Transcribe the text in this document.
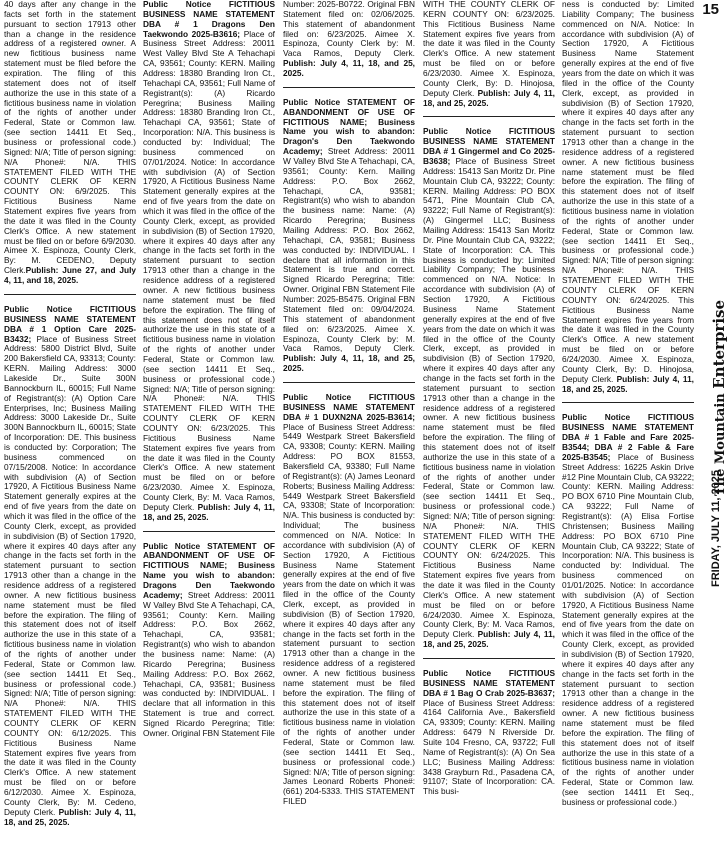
40 days after any change in the facts set forth in the statement pursuant to section 17913 other than a change in the residence address of a registered owner. A new fictitious business name statement must be filed before the expiration. The filing of this statement does not of itself authorize the use in this state of a fictitious business name in violation of the rights of another under Federal, State or Common law. (see section 14411 Et Seq., business or professional code.) Signed: N/A; Title of person signing: N/A Phone#: N/A. THIS STATEMENT FILED WITH THE COUNTY CLERK OF KERN COUNTY ON: 6/9/2025. This Fictitious Business Name Statement expires five years from the date it was filed in the County Clerk's Office. A new statement must be filed on or before 6/9/2030. Aimee X. Espinoza, County Clerk, By: M. CEDENO, Deputy Clerk.Publish: June 27, and July 4, 11, and 18, 2025.

Public Notice FICTITIOUS BUSINESS NAME STATEMENT DBA # 1 Option Care 2025-B3432; Place of Business Street Address: 5800 District Blvd, Suite 200 Bakersfield CA, 93313; County: KERN. Mailing Address: 3000 Lakeside Dr., Suite 300N Bannockburn IL, 60015; Full Name of Registrant(s): (A) Option Care Enterprises, Inc; Business Mailing Address: 3000 Lakeside Dr., Suite 300N Bannockburn IL, 60015; State of Incorporation: DE. This business is conducted by: Corporation; The business commenced on 07/15/2008. Notice: In accordance with subdivision (A) of Section 17920, A Fictitious Business Name Statement generally expires at the end of five years from the date on which it was filed in the office of the County Clerk, except, as provided in subdivision (B) of Section 17920, where it expires 40 days after any change in the facts set forth in the statement pursuant to section 17913 other than a change in the residence address of a registered owner. A new fictitious business name statement must be filed before the expiration. The filing of this statement does not of itself authorize the use in this state of a fictitious business name in violation of the rights of another under Federal, State or Common law. (see section 14411 Et Seq., business or professional code.) Signed: N/A; Title of person signing: N/A Phone#: N/A. THIS STATEMENT FILED WITH THE COUNTY CLERK OF KERN COUNTY ON: 6/12/2025. This Fictitious Business Name Statement expires five years from the date it was filed in the County Clerk's Office. A new statement must be filed on or before 6/12/2030. Aimee X. Espinoza, County Clerk, By: M. Cedeno, Deputy Clerk. Publish: July 4, 11, 18, and 25, 2025.

Public Notice FICTITIOUS BUSINESS NAME STATEMENT DBA # 1 Dragons Den Taekwondo 2025-B3616; Place of Business Street Address: 20011 West Valley Blvd Ste A Tehachapi CA, 93561; County: KERN. Mailing Address: 18380 Branding Iron Ct., Tehachapi CA, 93561; Full Name of Registrant(s): (A) Ricardo Peregrina; Business Mailing Address: 18380 Branding Iron Ct., Tehachapi CA, 93561; State of Incorporation: N/A. This business is conducted by: Individual; The business commenced on 07/01/2024. Notice: In accordance with subdivision (A) of Section 17920, A Fictitious Business Name Statement generally expires at the end of five years from the date on which it was filed in the office of the County Clerk, except, as provided in subdivision (B) of Section 17920, where it expires 40 days after any change in the facts set forth in the statement pursuant to section 17913 other than a change in the residence address of a registered owner. A new fictitious business name statement must be filed before the expiration. The filing of this statement does not of itself authorize the use in this state of a fictitious business name in violation of the rights of another under Federal, State or Common law. (see section 14411 Et Seq., business or professional code.) Signed: N/A; Title of person signing: N/A Phone#: N/A. THIS STATEMENT FILED WITH THE COUNTY CLERK OF KERN COUNTY ON: 6/23/2025. This Fictitious Business Name Statement expires five years from the date it was filed in the County Clerk's Office. A new statement must be filed on or before 6/23/2030. Aimee X. Espinoza, County Clerk, By: M. Vaca Ramos, Deputy Clerk. Publish: July 4, 11, 18, and 25, 2025.

Public Notice STATEMENT OF ABANDONMENT OF USE OF FICTITIOUS NAME; Business Name you wish to abandon: Dragons Den Taekwondo Academy; Street Address: 20011 W Valley Blvd Ste A Tehachapi, CA, 93561; County: Kern. Mailing Address: P.O. Box 2662, Tehachapi, CA, 93581; Registrant(s) who wish to abandon the business name: Name: (A) Ricardo Peregrina; Business Mailing Address: P.O. Box 2662, Tehachapi, CA, 93581; Business was conducted by: INDIVIDUAL. I declare that all information in this Statement is true and correct. Signed Ricardo Peregrina; Title: Owner. Original FBN Statement File

Number: 2025-B0722. Original FBN Statement filed on: 02/06/2025. This statement of abandonment filed on: 6/23/2025. Aimee X. Espinoza, County Clerk by: M. Vaca Ramos, Deputy Clerk. Publish: July 4, 11, 18, and 25, 2025.

Public Notice STATEMENT OF ABANDONMENT OF USE OF FICTITIOUS NAME; Business Name you wish to abandon: Dragon's Den Taekwondo Academy; Street Address: 20011 W Valley Blvd Ste A Tehachapi, CA, 93561; County: Kern. Mailing Address: P.O. Box 2662, Tehachapi, CA, 93581; Registrant(s) who wish to abandon the business name: Name: (A) Ricardo Peregrina; Business Mailing Address: P.O. Box 2662, Tehachapi, CA, 93581; Business was conducted by: INDIVIDUAL. I declare that all information in this Statement is true and correct. Signed Ricardo Peregrina; Title: Owner. Original FBN Statement File Number: 2025-B5475. Original FBN Statement filed on: 09/04/2024. This statement of abandonment filed on: 6/23/2025. Aimee X. Espinoza, County Clerk by: M. Vaca Ramos, Deputy Clerk. Publish: July 4, 11, 18, and 25, 2025.

Public Notice FICTITIOUS BUSINESS NAME STATEMENT DBA # 1 DUXN2NA 2025-B3614; Place of Business Street Address: 5449 Westpark Street Bakersfield CA, 93308; County: KERN. Mailing Address: PO BOX 81553, Bakersfield CA, 93380; Full Name of Registrant(s): (A) James Leonard Roberts; Business Mailing Address: 5449 Westpark Street Bakersfield CA, 93308; State of Incorporation: N/A. This business is conducted by: Individual; The business commenced on N/A. Notice: In accordance with subdivision (A) of Section 17920, A Fictitious Business Name Statement generally expires at the end of five years from the date on which it was filed in the office of the County Clerk, except, as provided in subdivision (B) of Section 17920, where it expires 40 days after any change in the facts set forth in the statement pursuant to section 17913 other than a change in the residence address of a registered owner. A new fictitious business name statement must be filed before the expiration. The filing of this statement does not of itself authorize the use in this state of a fictitious business name in violation of the rights of another under Federal, State or Common law. (see section 14411 Et Seq., business or professional code.) Signed: N/A; Title of person signing: James Leonard Roberts Phone#: (661) 204-5333. THIS STATEMENT FILED

WITH THE COUNTY CLERK OF KERN COUNTY ON: 6/23/2025. This Fictitious Business Name Statement expires five years from the date it was filed in the County Clerk's Office. A new statement must be filed on or before 6/23/2030. Aimee X. Espinoza, County Clerk, By: D. Hinojosa, Deputy Clerk. Publish: July 4, 11, 18, and 25, 2025.

Public Notice FICTITIOUS BUSINESS NAME STATEMENT DBA # 1 Gingermel and Co 2025-B3638; Place of Business Street Address: 15413 San Moritz Dr. Pine Mountain Club CA, 93222; County: KERN. Mailing Address: PO BOX 5471, Pine Mountain Club CA, 93222; Full Name of Registrant(s): (A) Gingermel LLC; Business Mailing Address: 15413 San Moritz Dr. Pine Mountain Club CA, 93222; State of Incorporation: CA. This business is conducted by: Limited Liability Company; The business commenced on N/A. Notice: In accordance with subdivision (A) of Section 17920, A Fictitious Business Name Statement generally expires at the end of five years from the date on which it was filed in the office of the County Clerk, except, as provided in subdivision (B) of Section 17920, where it expires 40 days after any change in the facts set forth in the statement pursuant to section 17913 other than a change in the residence address of a registered owner. A new fictitious business name statement must be filed before the expiration. The filing of this statement does not of itself authorize the use in this state of a fictitious business name in violation of the rights of another under Federal, State or Common law. (see section 14411 Et Seq., business or professional code.) Signed: N/A; Title of person signing: N/A Phone#: N/A. THIS STATEMENT FILED WITH THE COUNTY CLERK OF KERN COUNTY ON: 6/24/2025. This Fictitious Business Name Statement expires five years from the date it was filed in the County Clerk's Office. A new statement must be filed on or before 6/24/2030. Aimee X. Espinoza, County Clerk, By: M. Vaca Ramos, Deputy Clerk. Publish: July 4, 11, 18, and 25, 2025.

Public Notice FICTITIOUS BUSINESS NAME STATEMENT DBA # 1 Bag O Crab 2025-B3637; Place of Business Street Address: 4164 California Ave., Bakersfield CA, 93309; County: KERN. Mailing Address: 6479 N Riverside Dr. Suite 104 Fresno, CA, 93722; Full Name of Registrant(s): (A) On Sea LLC; Business Mailing Address: 3438 Grayburn Rd., Pasadena CA, 91107; State of Incorporation: CA. This busi-

ness is conducted by: Limited Liability Company; The business commenced on N/A. Notice: In accordance with subdivision (A) of Section 17920, A Fictitious Business Name Statement generally expires at the end of five years from the date on which it was filed in the office of the County Clerk, except, as provided in subdivision (B) of Section 17920, where it expires 40 days after any change in the facts set forth in the statement pursuant to section 17913 other than a change in the residence address of a registered owner. A new fictitious business name statement must be filed before the expiration. The filing of this statement does not of itself authorize the use in this state of a fictitious business name in violation of the rights of another under Federal, State or Common law. (see section 14411 Et Seq., business or professional code.) Signed: N/A; Title of person signing: N/A Phone#: N/A. THIS STATEMENT FILED WITH THE COUNTY CLERK OF KERN COUNTY ON: 6/24/2025. This Fictitious Business Name Statement expires five years from the date it was filed in the County Clerk's Office. A new statement must be filed on or before 6/24/2030. Aimee X. Espinoza, County Clerk, By: D. Hinojosa, Deputy Clerk. Publish: July 4, 11, 18, and 25, 2025.

Public Notice FICTITIOUS BUSINESS NAME STATEMENT DBA # 1 Fable and Fare 2025-B3544; DBA # 2 Fable & Fare 2025-B3545; Place of Business Street Address: 16225 Askin Drive #12 Pine Mountain Club, CA 93222; County: KERN. Mailing Address: PO BOX 6710 Pine Mountain Club, CA 93222; Full Name of Registrant(s): (A) Elisa Fortise Christensen; Business Mailing Address: PO BOX 6710 Pine Mountain Club, CA 93222; State of Incorporation: N/A. This business is conducted by: Individual. The business commenced on 01/01/2025. Notice: In accordance with subdivision (A) of Section 17920, A Fictitious Business Name Statement generally expires at the end of five years from the date on which it was filed in the office of the County Clerk, except, as provided in subdivision (B) of Section 17920, where it expires 40 days after any change in the facts set forth in the statement pursuant to section 17913 other than a change in the residence address of a registered owner. A new fictitious business name statement must be filed before the expiration. The filing of this statement does not of itself authorize the use in this state of a fictitious business name in violation of the rights of another under Federal, State or Common law. (see section 14411 Et Seq., business or professional code.)

15
The Mountain Enterprise
FRIDAY, JULY 11, 2025
